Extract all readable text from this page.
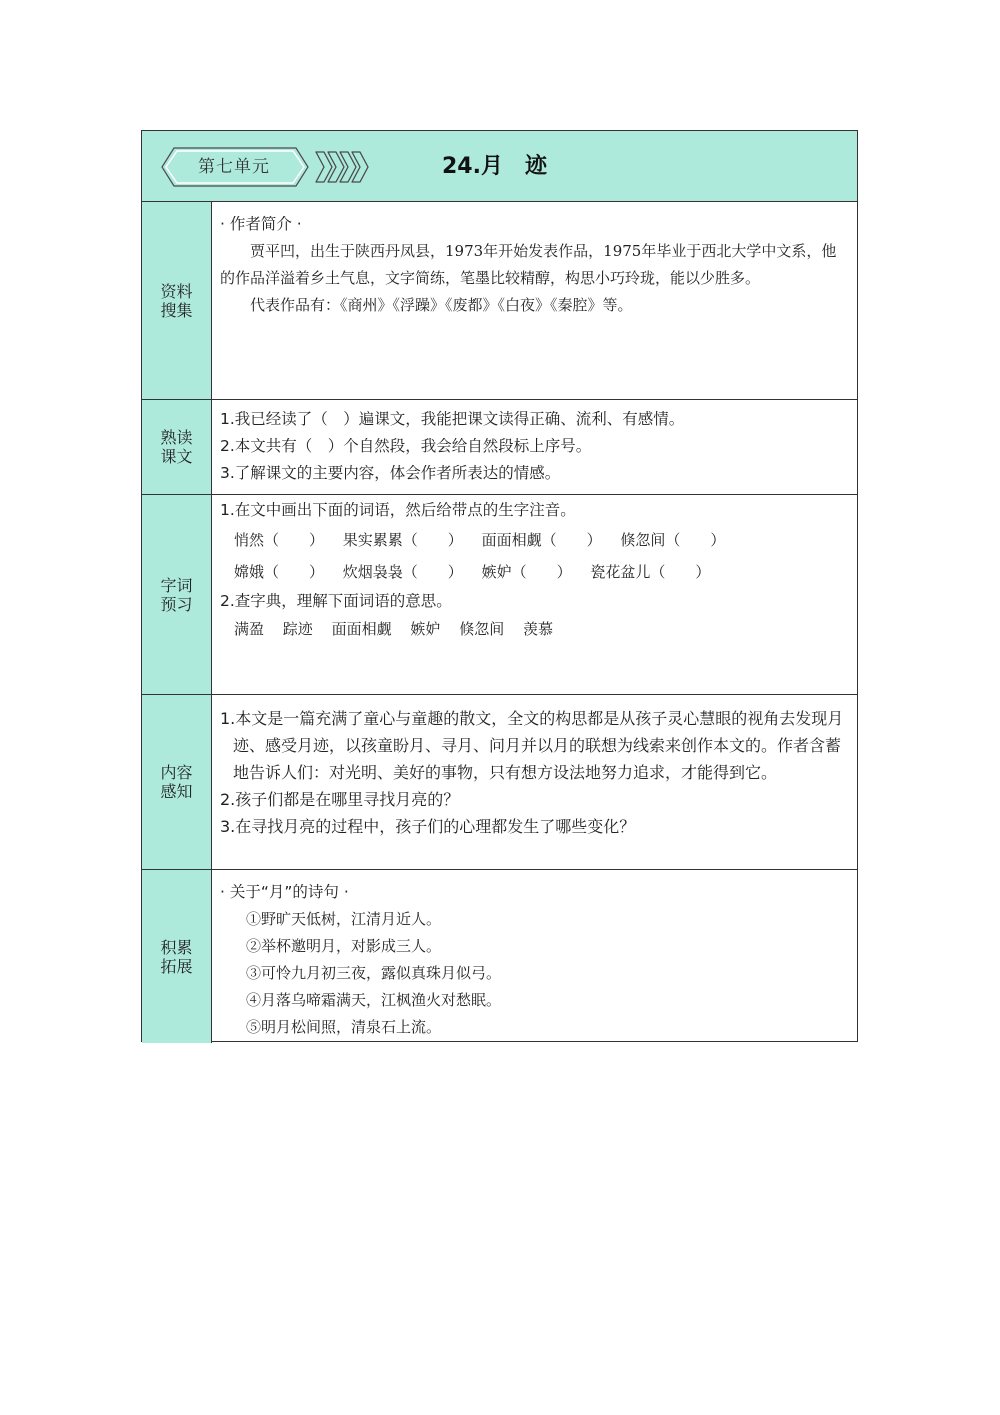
第七单元	24.月　迹
资料搜集
· 作者简介 ·
贾平凹，出生于陕西丹凤县，1973年开始发表作品，1975年毕业于西北大学中文系，他的作品洋溢着乡土气息，文字简练，笔墨比较精醇，构思小巧玲珑，能以少胜多。
代表作品有：《商州》《浮躁》《废都》《白夜》《秦腔》等。
熟读课文
1.我已经读了（　）遍课文，我能把课文读得正确、流利、有感情。
2.本文共有（　）个自然段，我会给自然段标上序号。
3.了解课文的主要内容，体会作者所表达的情感。
字词预习
1.在文中画出下面的词语，然后给带点的生字注音。
悄然（　　） 果实累累（　　） 面面相觑（　　） 倏忽间（　　）
嫦娥（　　） 炊烟袅袅（　　） 嫉妒（　　） 瓷花盆儿（　　）
2.查字典，理解下面词语的意思。
满盈 踪迹 面面相觑 嫉妒 倏忽间 羡慕
内容感知
1.本文是一篇充满了童心与童趣的散文，全文的构思都是从孩子灵心慧眼的视角去发现月迹、感受月迹，以孩童盼月、寻月、问月并以月的联想为线索来创作本文的。作者含蓄地告诉人们：对光明、美好的事物，只有想方设法地努力追求，才能得到它。
2.孩子们都是在哪里寻找月亮的？
3.在寻找月亮的过程中，孩子们的心理都发生了哪些变化？
积累拓展
· 关于“月”的诗句 ·
①野旷天低树，江清月近人。
②举杯邀明月，对影成三人。
③可怜九月初三夜，露似真珠月似弓。
④月落乌啼霜满天，江枫渔火对愁眠。
⑤明月松间照，清泉石上流。
